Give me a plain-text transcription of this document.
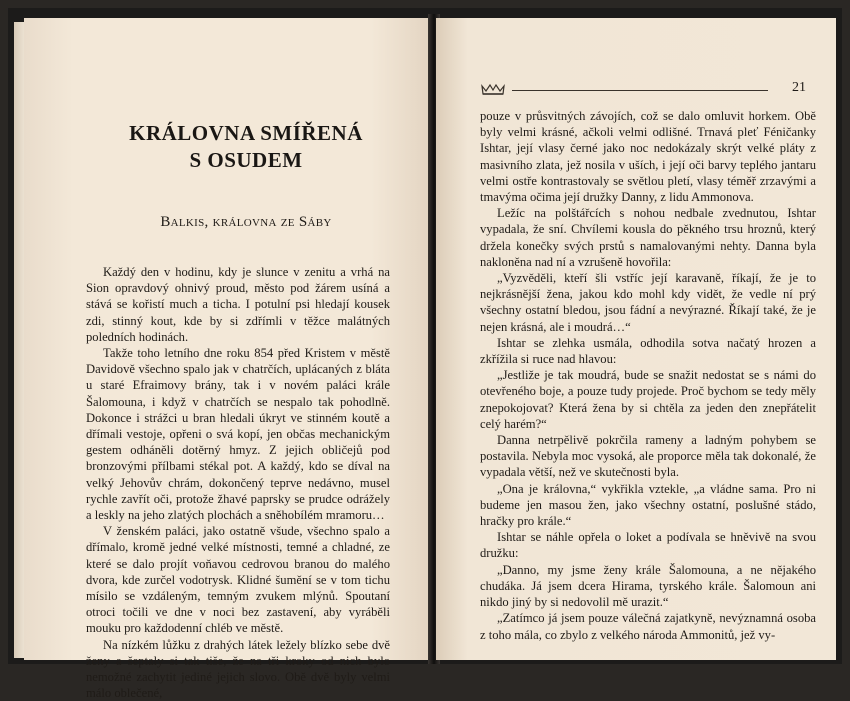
KRÁLOVNA SMÍŘENÁ
S OSUDEM
Balkis, královna ze Sáby

Každý den v hodinu, kdy je slunce v zenitu a vrhá na Sion opravdový ohnivý proud, město pod žárem usíná a stává se kořistí much a ticha. I potulní psi hledají kousek zdi, stinný kout, kde by si zdřímli v těžce malátných poledních hodinách.

Takže toho letního dne roku 854 před Kristem v městě Davidově všechno spalo jak v chatrčích, uplácaných z bláta u staré Efraimovy brány, tak i v novém paláci krále Šalomouna, i když v chatrčích se nespalo tak pohodlně. Dokonce i strážci u bran hledali úkryt ve stinném koutě a dřímali vestoje, opřeni o svá kopí, jen občas mechanickým gestem odháněli dotěrný hmyz. Z jejich obličejů pod bronzovými přílbami stékal pot. A každý, kdo se díval na velký Jehovův chrám, dokončený teprve nedávno, musel rychle zavřít oči, protože žhavé paprsky se prudce odrážely a leskly na jeho zlatých plochách a sněhobílém mramoru…

V ženském paláci, jako ostatně všude, všechno spalo a dřímalo, kromě jedné velké místnosti, temné a chladné, ze které se dalo projít voňavou cedrovou branou do malého dvora, kde zurčel vodotrysk. Klidné šumění se v tom tichu mísilo se vzdáleným, temným zvukem mlýnů. Spoutaní otroci točili ve dne v noci bez zastavení, aby vyráběli mouku pro každodenní chléb ve městě.

Na nízkém lůžku z drahých látek ležely blízko sebe dvě ženy a šeptaly si tak tiše, že na tři kroky od nich bylo nemožné zachytit jediné jejich slovo. Obě dvě byly velmi málo oblečené,

21

pouze v průsvitných závojích, což se dalo omluvit horkem. Obě byly velmi krásné, ačkoli velmi odlišné. Trnavá pleť Féničanky Ishtar, její vlasy černé jako noc nedokázaly skrýt velké pláty z masivního zlata, jež nosila v uších, i její oči barvy teplého jantaru velmi ostře kontrastovaly se světlou pletí, vlasy téměř zrzavými a tmavýma očima její družky Danny, z lidu Ammonova.

Ležíc na polštářcích s nohou nedbale zvednutou, Ishtar vypadala, že sní. Chvílemi kousla do pěkného trsu hroznů, který držela konečky svých prstů s namalovanými nehty. Danna byla nakloněna nad ní a vzrušeně hovořila:

„Vyzvěděli, kteří šli vstříc její karavaně, říkají, že je to nejkrásnější žena, jakou kdo mohl kdy vidět, že vedle ní prý všechny ostatní bledou, jsou fádní a nevýrazné. Říkají také, že je nejen krásná, ale i moudrá…“

Ishtar se zlehka usmála, odhodila sotva načatý hrozen a zkřížila si ruce nad hlavou:

„Jestliže je tak moudrá, bude se snažit nedostat se s námi do otevřeného boje, a pouze tudy projede. Proč bychom se tedy měly znepokojovat? Která žena by si chtěla za jeden den znepřátelit celý harém?“

Danna netrpělivě pokrčila rameny a ladným pohybem se postavila. Nebyla moc vysoká, ale proporce měla tak dokonalé, že vypadala větší, než ve skutečnosti byla.

„Ona je královna,“ vykřikla vztekle, „a vládne sama. Pro ni budeme jen masou žen, jako všechny ostatní, poslušné stádo, hračky pro krále.“

Ishtar se náhle opřela o loket a podívala se hněvivě na svou družku:

„Danno, my jsme ženy krále Šalomouna, a ne nějakého chudáka. Já jsem dcera Hirama, tyrského krále. Šalomoun ani nikdo jiný by si nedovolil mě urazit.“

„Zatímco já jsem pouze válečná zajatkyně, nevýznamná osoba z toho mála, co zbylo z velkého národa Ammonitů, jež vy-
